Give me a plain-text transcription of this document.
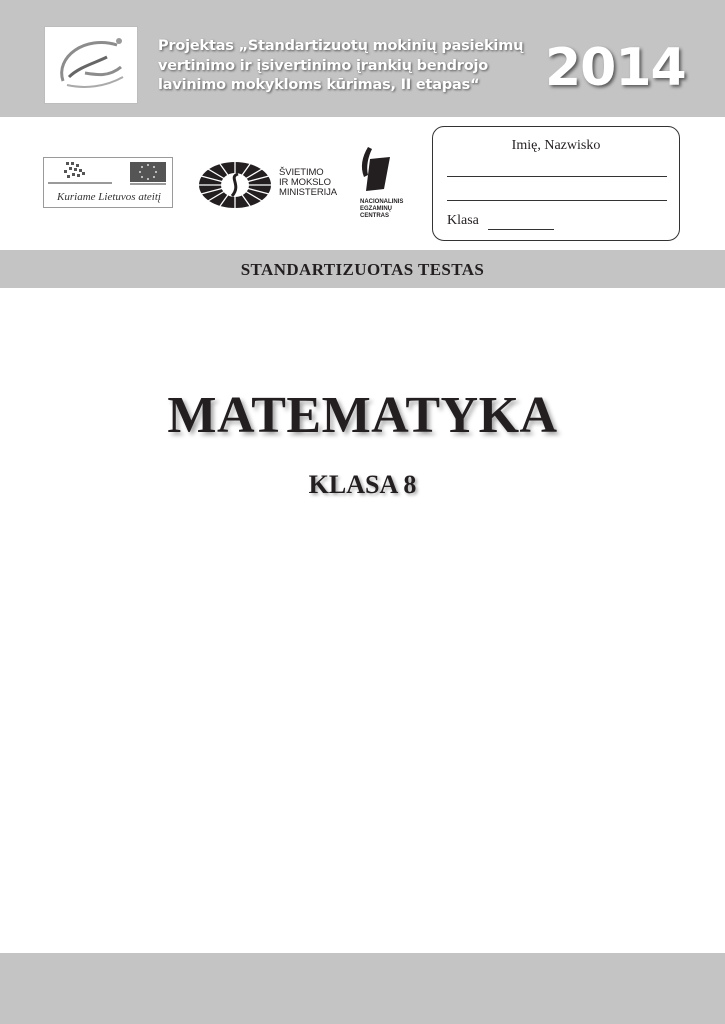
Projektas „Standartizuotų mokinių pasiekimų
vertinimo ir įsivertinimo įrankių bendrojo
lavinimo mokykloms kūrimas, II etapas“	2014
Kuriame Lietuvos ateitį
ŠVIETIMO
IR MOKSLO
MINISTERIJA
NACIONALINIS
EGZAMINŲ
CENTRAS
Imię, Nazwisko
Klasa
STANDARTIZUOTAS TESTAS
MATEMATYKA
KLASA 8
